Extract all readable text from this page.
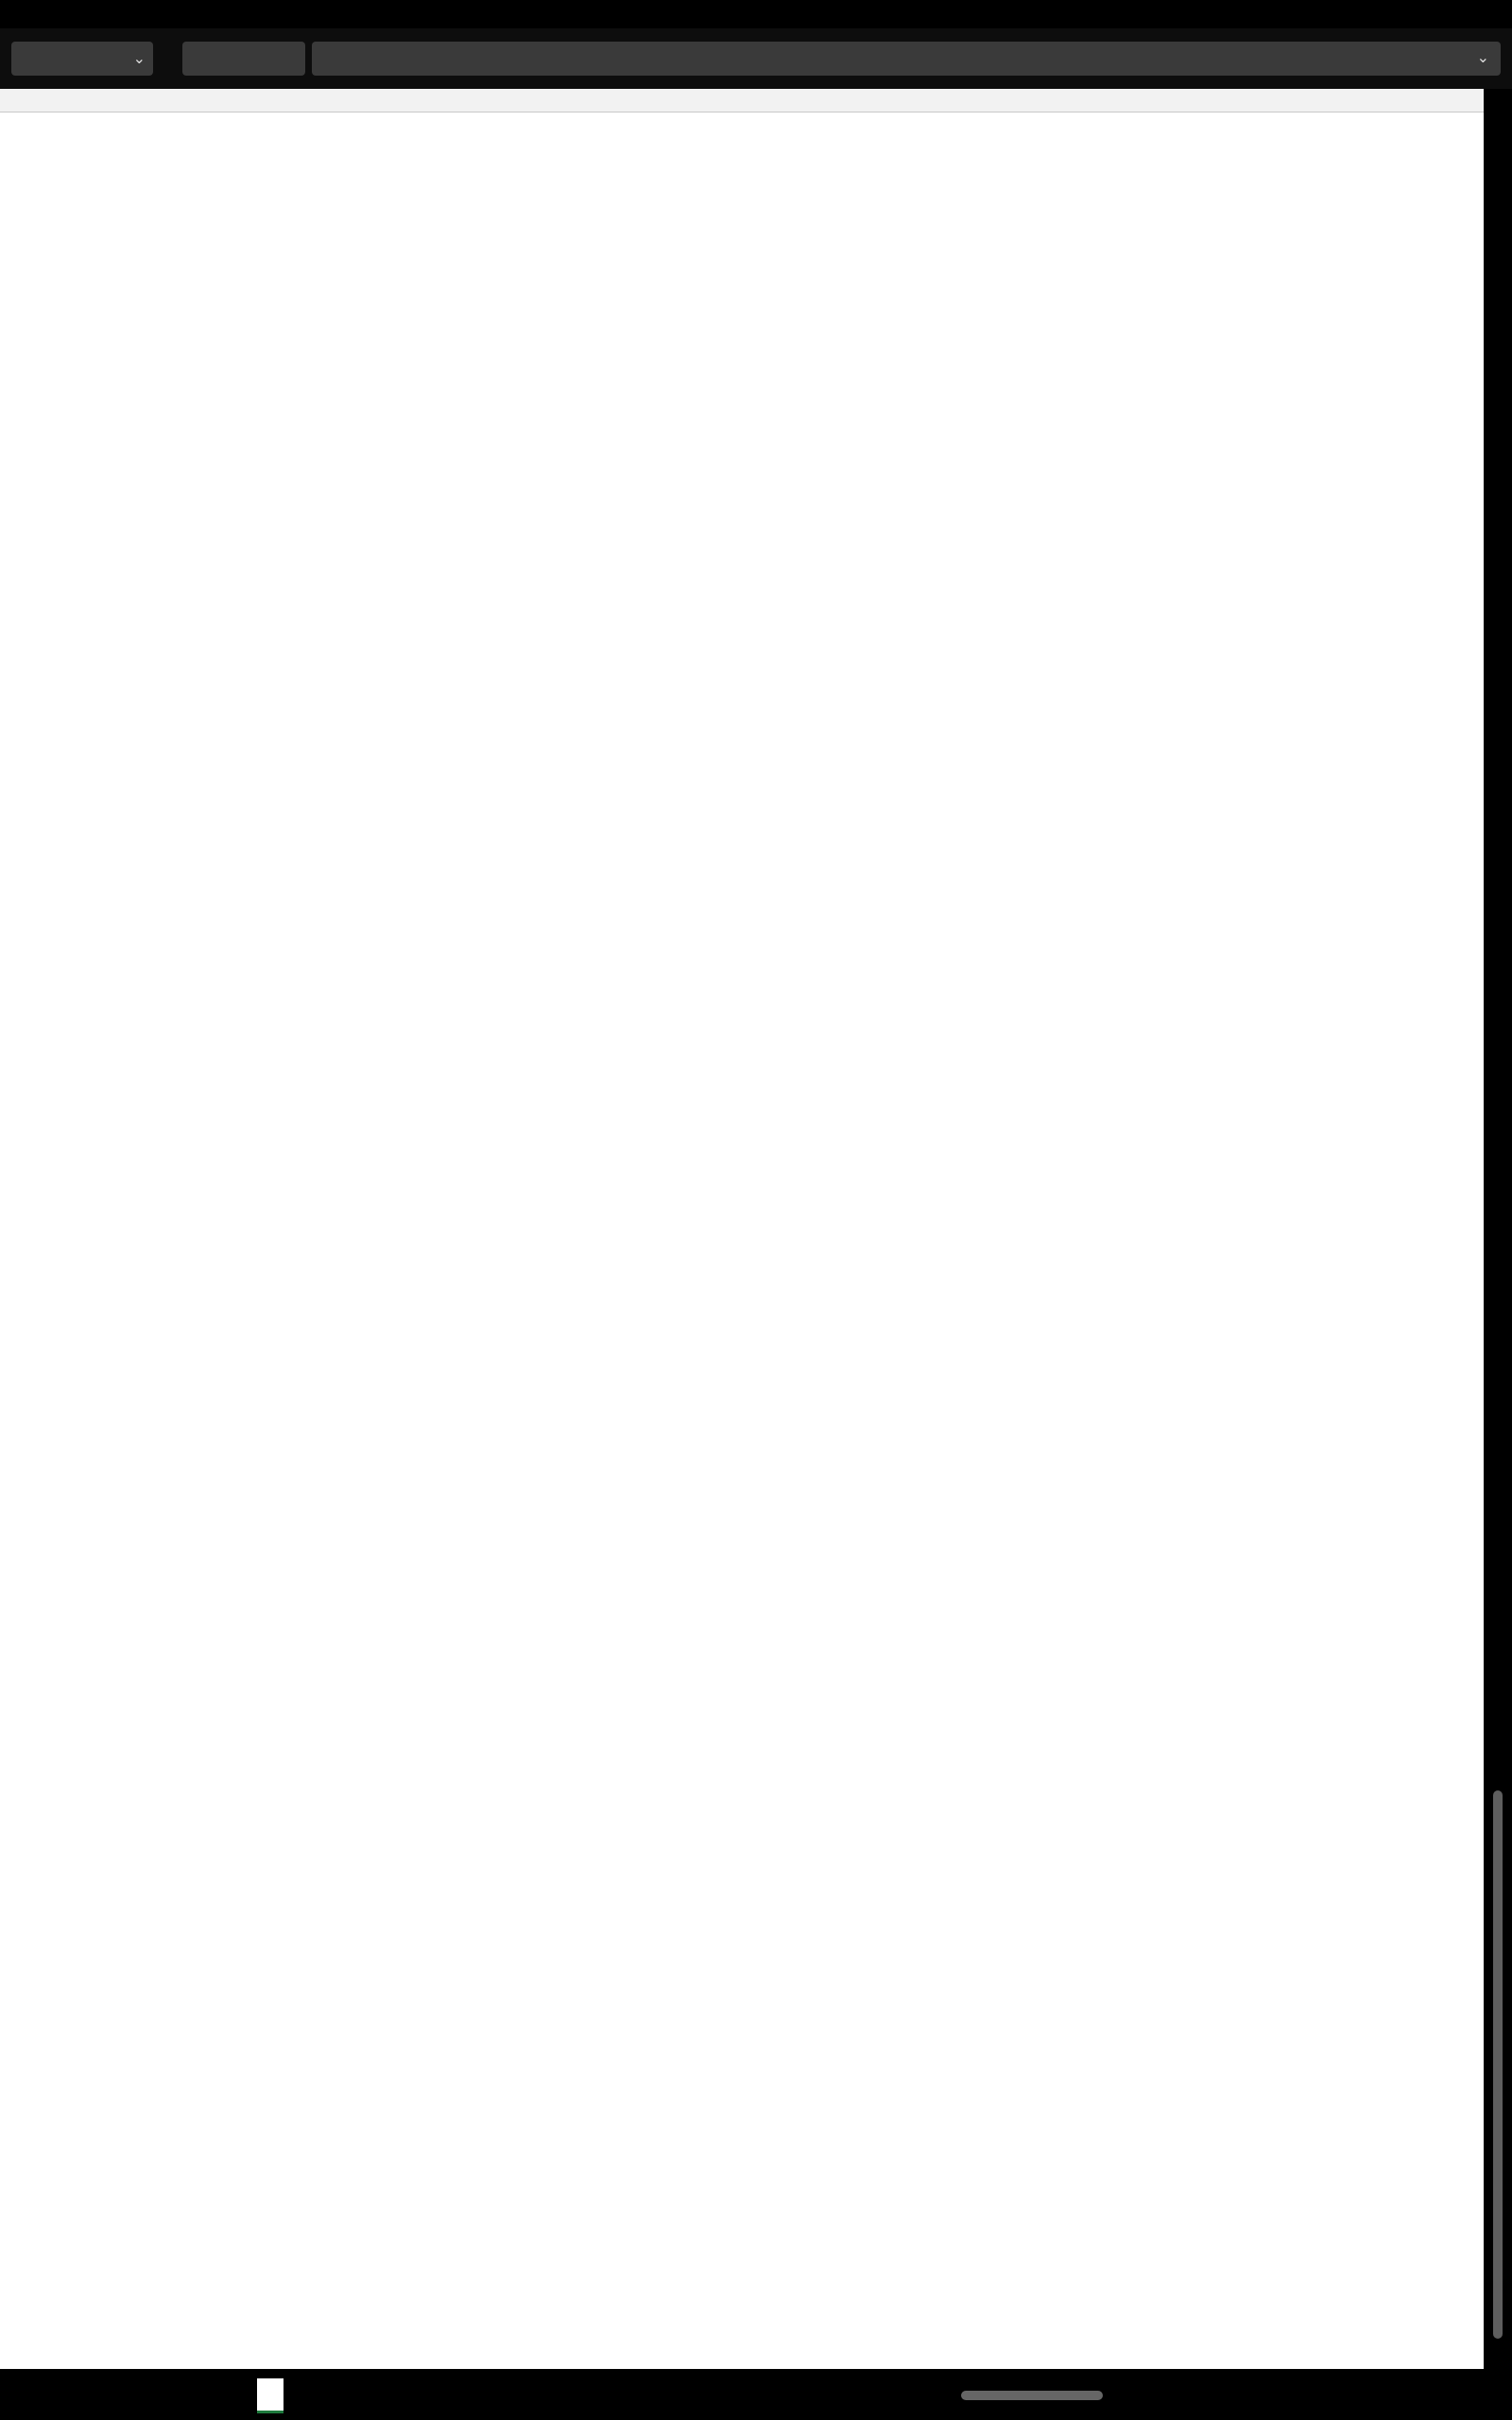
⌄	⌄
